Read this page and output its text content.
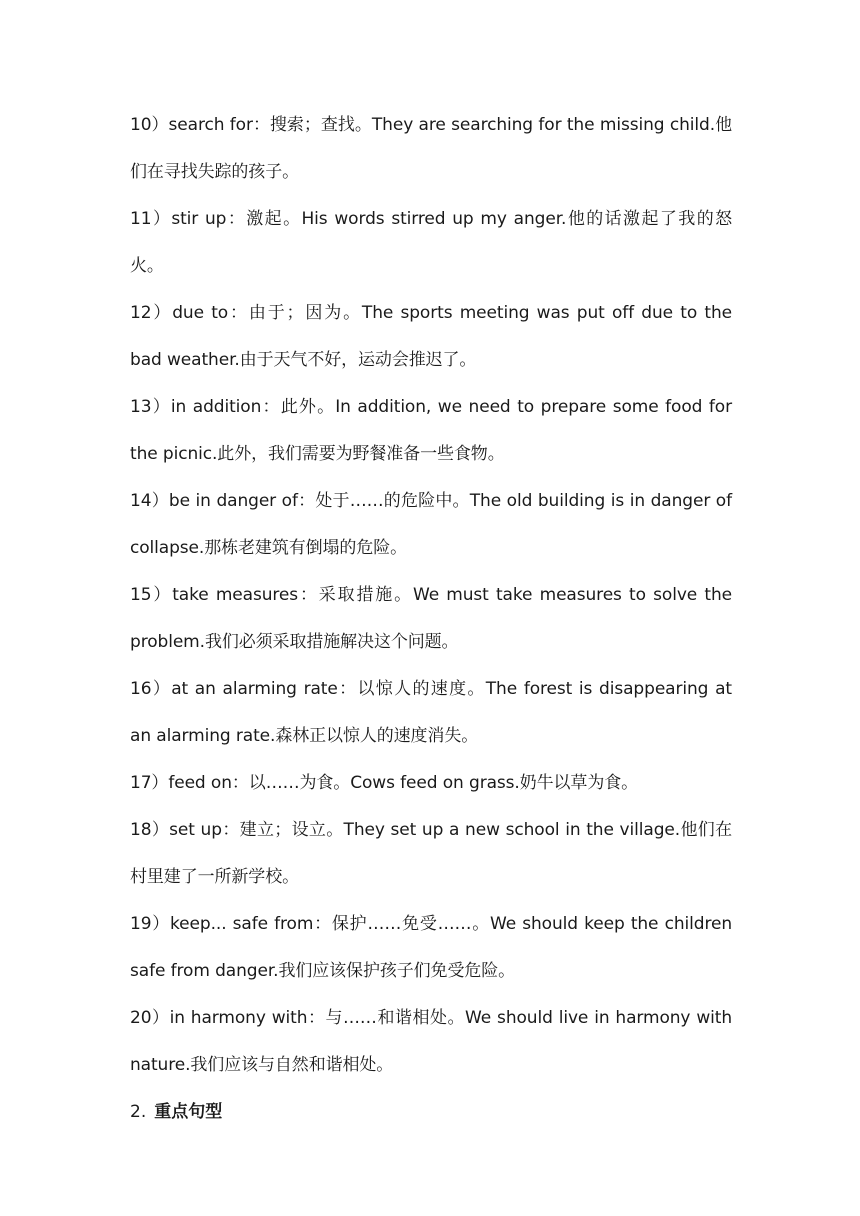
10）search for：搜索；查找。They are searching for the missing child.他们在寻找失踪的孩子。

11）stir up：激起。His words stirred up my anger.他的话激起了我的怒火。

12）due to：由于；因为。The sports meeting was put off due to the bad weather.由于天气不好，运动会推迟了。

13）in addition：此外。In addition, we need to prepare some food for the picnic.此外，我们需要为野餐准备一些食物。

14）be in danger of：处于……的危险中。The old building is in danger of collapse.那栋老建筑有倒塌的危险。

15）take measures：采取措施。We must take measures to solve the problem.我们必须采取措施解决这个问题。

16）at an alarming rate：以惊人的速度。The forest is disappearing at an alarming rate.森林正以惊人的速度消失。

17）feed on：以……为食。Cows feed on grass.奶牛以草为食。

18）set up：建立；设立。They set up a new school in the village.他们在村里建了一所新学校。

19）keep... safe from：保护……免受……。We should keep the children safe from danger.我们应该保护孩子们免受危险。

20）in harmony with：与……和谐相处。We should live in harmony with nature.我们应该与自然和谐相处。

2. 重点句型
